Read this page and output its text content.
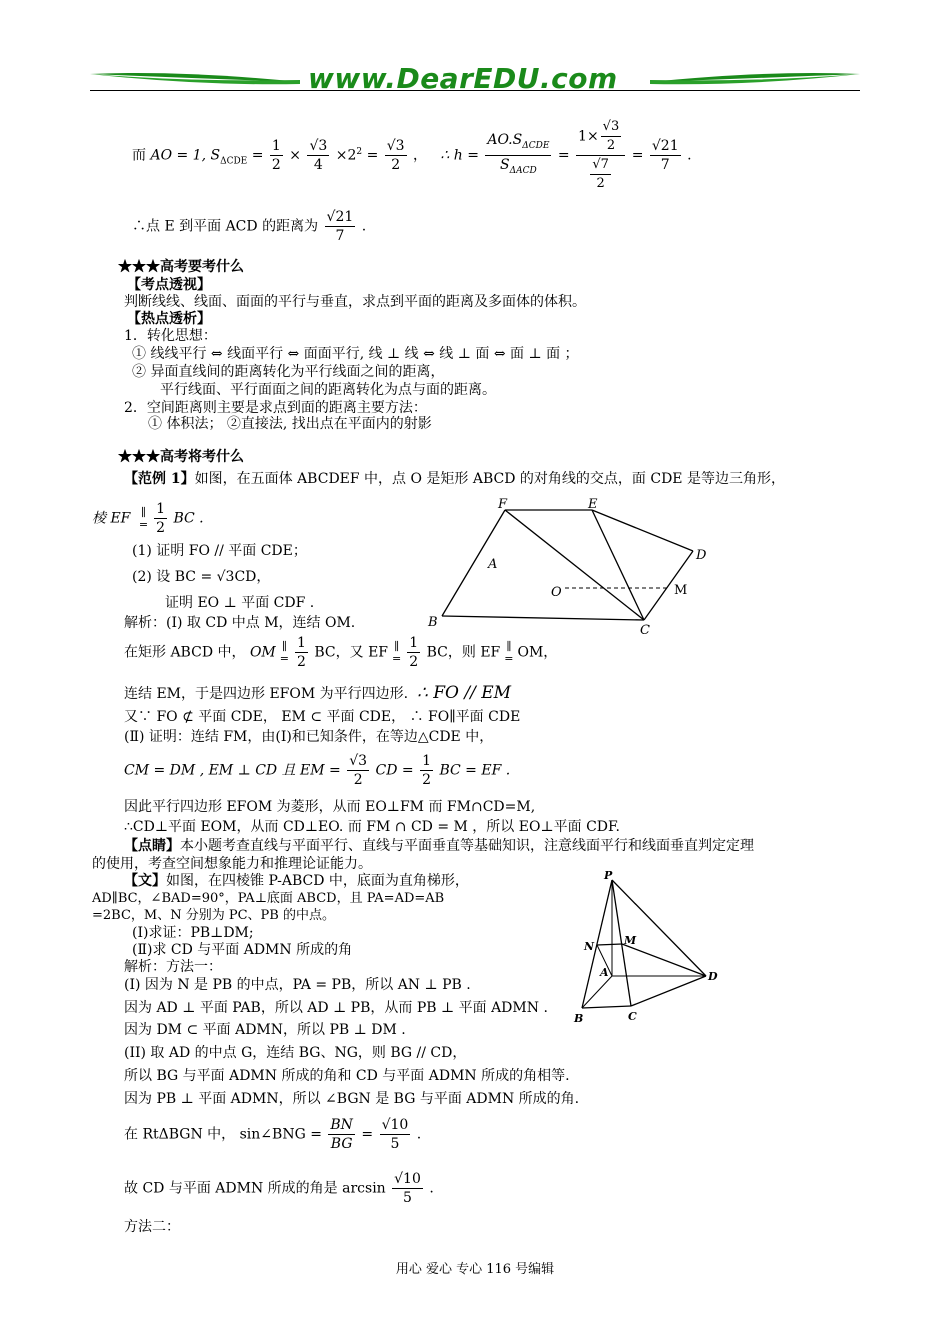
www.DearEDU.com
而 AO = 1, $S_{\Delta CDE} = \frac{1}{2} \times \frac{√3}{4} \times 2^2 = \frac{√3}{2}$ ， ∴ $h = \frac{AO.S_{\Delta CDE}}{S_{\Delta ACD}} = \frac{1\times \frac{√3}{2}}{\frac{√7}{2}} = \frac{√21}{7}$ .
∴点 E 到平面 ACD 的距离为 $\frac{√21}{7}$ .
★★★高考要考什么
【考点透视】
判断线线、线面、面面的平行与垂直，求点到平面的距离及多面体的体积。
【热点透析】
1．转化思想：
① 线线平行 ⇔ 线面平行 ⇔ 面面平行, 线 ⊥ 线 ⇔ 线 ⊥ 面 ⇔ 面 ⊥ 面 ；
② 异面直线间的距离转化为平行线面之间的距离，
平行线面、平行面面之间的距离转化为点与面的距离。
2．空间距离则主要是求点到面的距离主要方法：
① 体积法； ②直接法, 找出点在平面内的射影
★★★高考将考什么
【范例 1】如图，在五面体 ABCDEF 中，点 O 是矩形 ABCD 的对角线的交点，面 CDE 是等边三角形，
棱 EF ∥
= $\frac{1}{2}$ BC .
(1) 证明 FO // 平面 CDE；
(2) 设 BC = √3CD，
证明 EO ⊥ 平面 CDF .
解析：(Ⅰ) 取 CD 中点 M，连结 OM.
在矩形 ABCD 中， OM ∥
= $\frac{1}{2}$ BC，又 EF ∥
= $\frac{1}{2}$ BC，则 EF ∥
= OM，
连结 EM，于是四边形 EFOM 为平行四边形. ∴ FO // EM
又∵ FO ⊄ 平面 CDE， EM ⊂ 平面 CDE， ∴ FO∥平面 CDE
(Ⅱ) 证明：连结 FM，由(Ⅰ)和已知条件，在等边△CDE 中，
CM = DM , EM ⊥ CD 且 EM = $\frac{√3}{2}$ CD = $\frac{1}{2}$ BC = EF .
因此平行四边形 EFOM 为菱形，从而 EO⊥FM 而 FM∩CD=M,
∴CD⊥平面 EOM，从而 CD⊥EO. 而 FM ∩ CD = M ，所以 EO⊥平面 CDF.
【点睛】本小题考查直线与平面平行、直线与平面垂直等基础知识，注意线面平行和线面垂直判定定理
的使用，考查空间想象能力和推理论证能力。
【文】如图，在四棱锥 P-ABCD 中，底面为直角梯形，
AD∥BC，∠BAD=90°，PA⊥底面 ABCD，且 PA=AD=AB
=2BC，M、N 分别为 PC、PB 的中点。
(Ⅰ)求证：PB⊥DM;
(Ⅱ)求 CD 与平面 ADMN 所成的角
解析：方法一：
(I) 因为 N 是 PB 的中点，PA = PB，所以 AN ⊥ PB .
因为 AD ⊥ 平面 PAB，所以 AD ⊥ PB，从而 PB ⊥ 平面 ADMN .
因为 DM ⊂ 平面 ADMN，所以 PB ⊥ DM .
(II) 取 AD 的中点 G，连结 BG、NG，则 BG // CD，
所以 BG 与平面 ADMN 所成的角和 CD 与平面 ADMN 所成的角相等.
因为 PB ⊥ 平面 ADMN，所以 ∠BGN 是 BG 与平面 ADMN 所成的角.
在 RtΔBGN 中， sin∠BNG = $\frac{BN}{BG} = \frac{√10}{5}$ .
故 CD 与平面 ADMN 所成的角是 $\arcsin \frac{√10}{5}$ .
方法二：
F	E
A
D
O
B
C
M
P
N	M
A	D
B	C
用心 爱心 专心 116 号编辑
